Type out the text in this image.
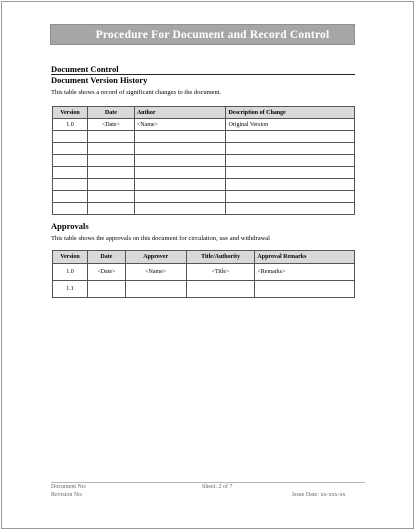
Procedure For Document and Record Control
Document Control
Document Version History
This table shows a record of significant changes to the document.
Version	Date	Author	Description of Change
1.0	<Date>	<Name>	Original Version

Approvals
This table shows the approvals on this document for circulation, use and withdrawal
Version	Date	Approver	Title/Authority	Approval Remarks
1.0	<Date>	<Name>	<Title>	<Remarks>
1.1				
Document No:
Revision No:
Sheet: 2 of 7
Issue Date: xx-xxx-xx
